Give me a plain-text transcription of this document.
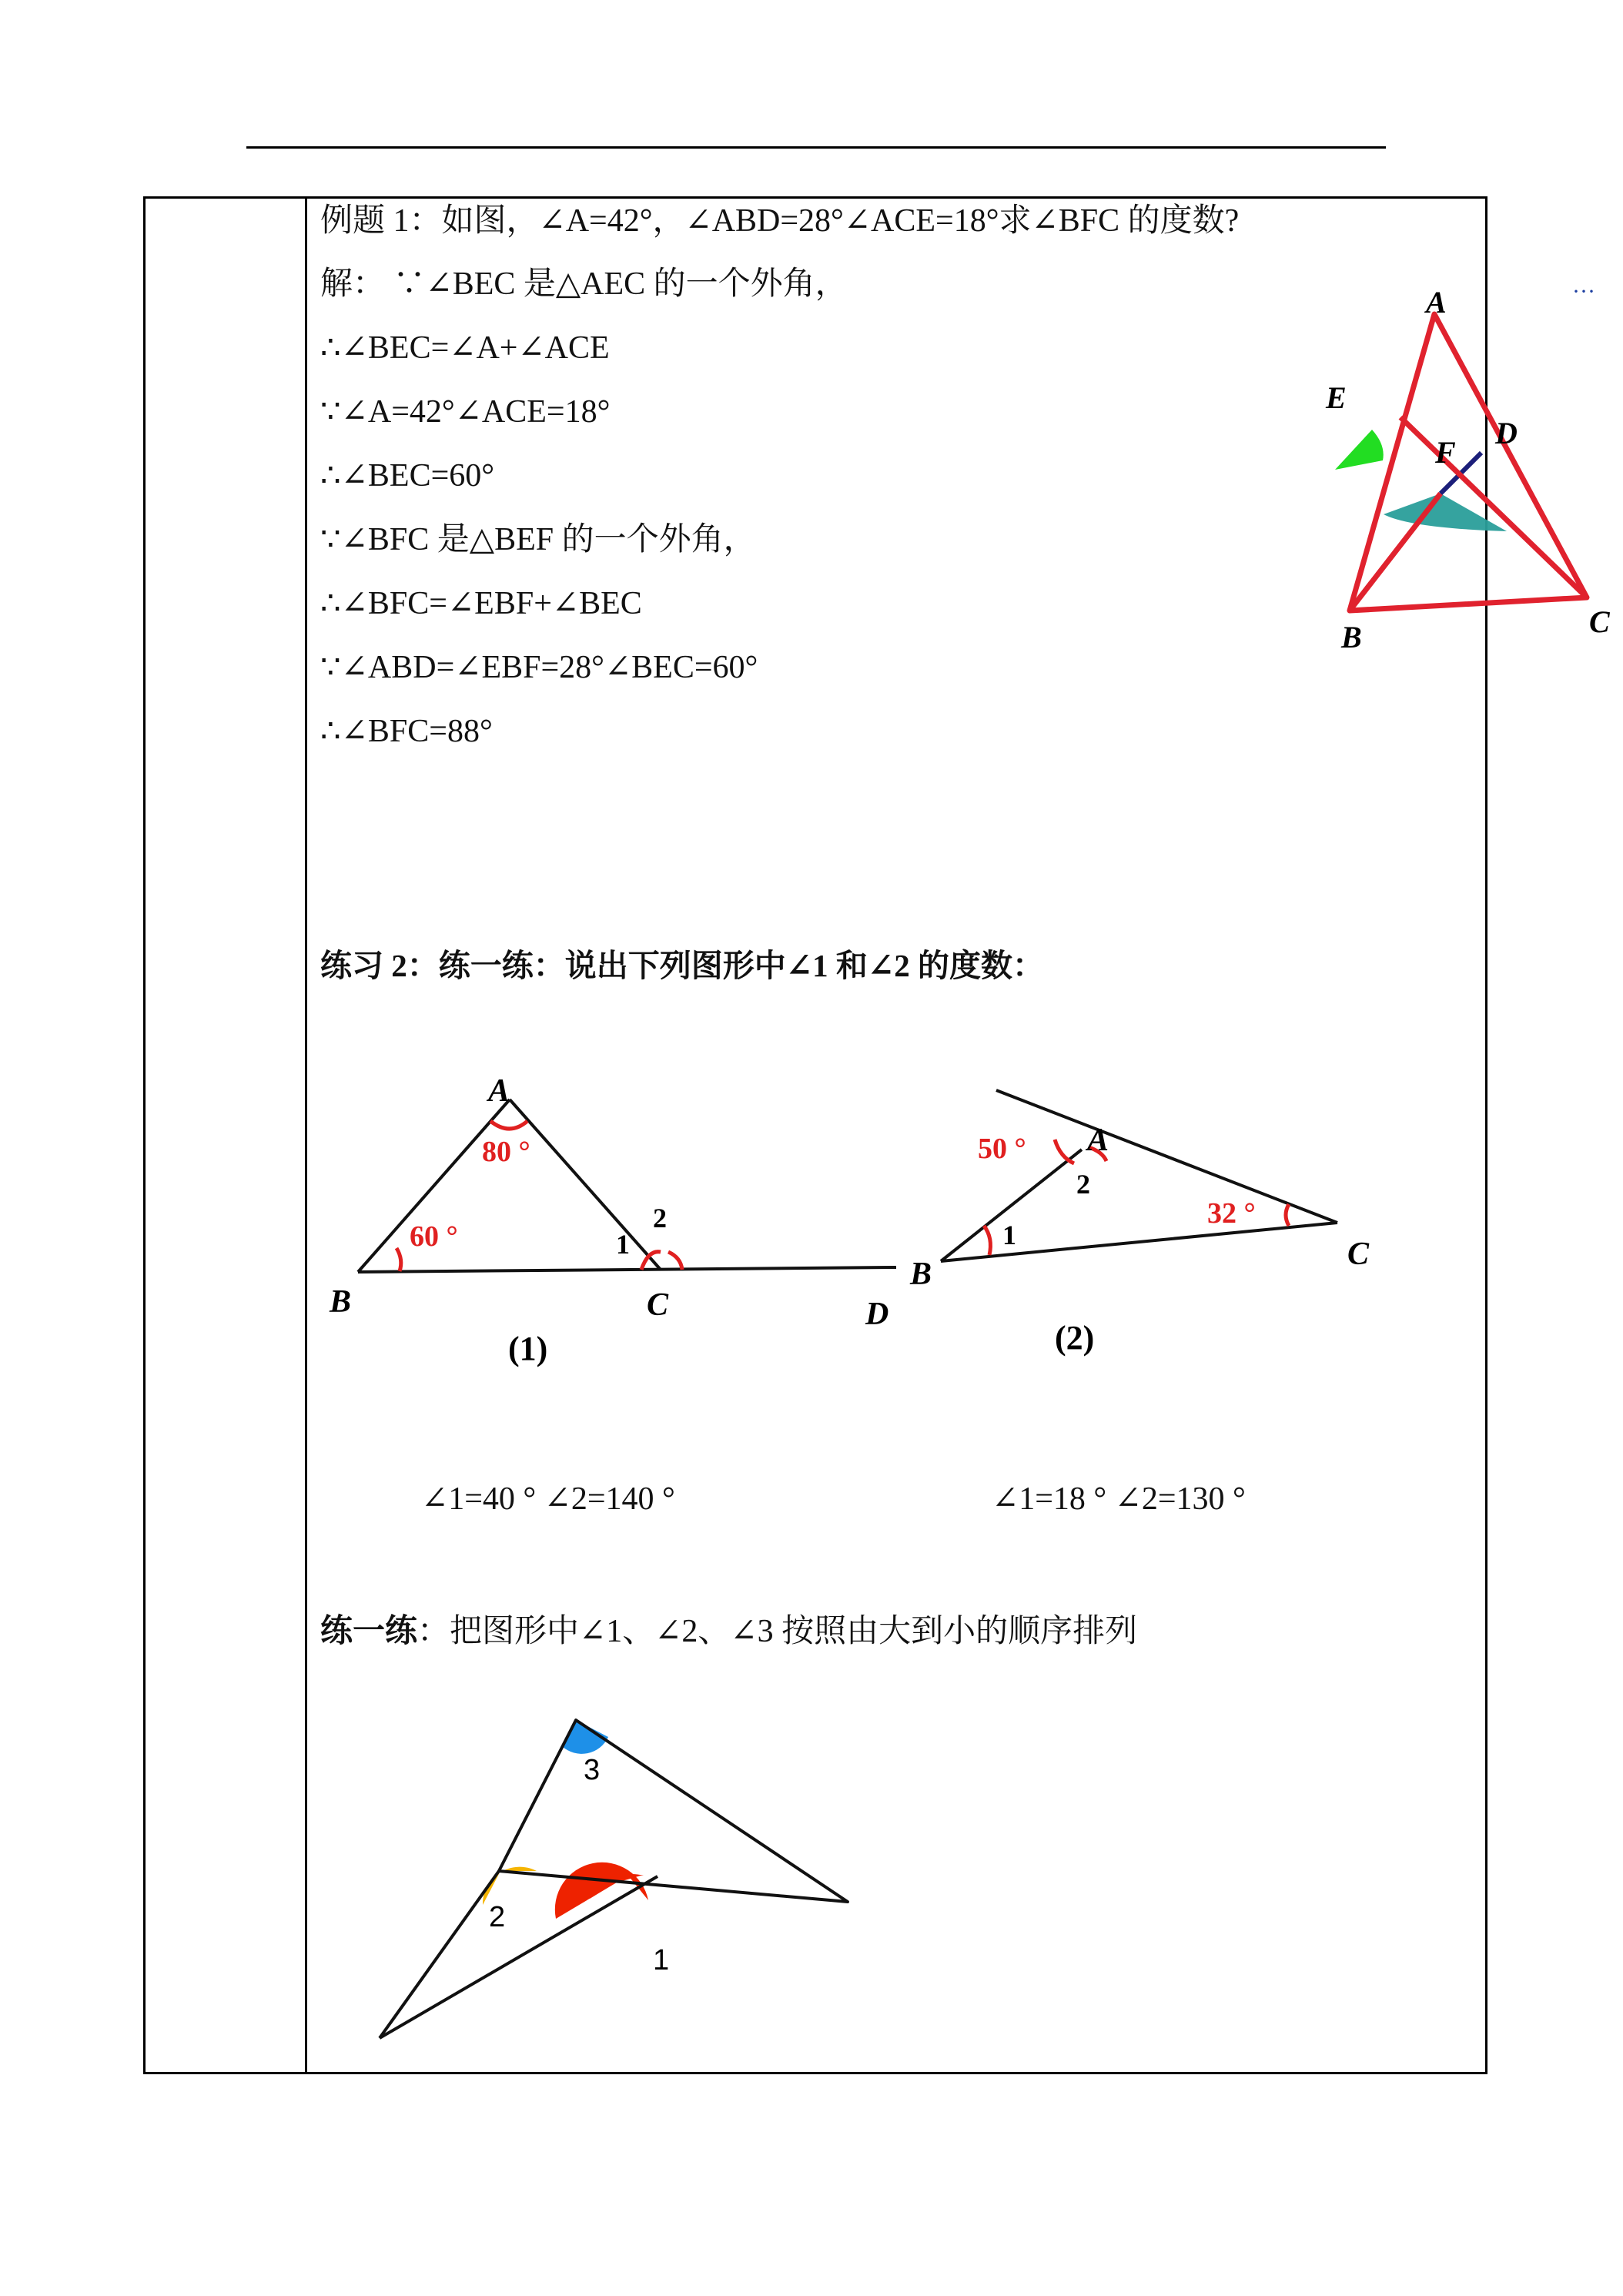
例题 1：如图，∠A=42°，∠ABD=28°∠ACE=18°求∠BFC 的度数?
解： ∵∠BEC 是△AEC 的一个外角，
∴∠BEC=∠A+∠ACE
∵∠A=42°∠ACE=18°
∴∠BEC=60°
∵∠BFC 是△BEF 的一个外角，
∴∠BFC=∠EBF+∠BEC
∵∠ABD=∠EBF=28°∠BEC=60°
∴∠BFC=88°
A
E
F
D
B	C
···
练习 2：练一练：说出下列图形中∠1 和∠2 的度数：
A
B	C	D
80 °
60 °	1
2
(1)
A
B
C
50 °
32 °
1
2
(2)
∠1=40 ° ∠2=140 °	∠1=18 ° ∠2=130 °
练一练：把图形中∠1、∠2、∠3 按照由大到小的顺序排列
3
2
1
